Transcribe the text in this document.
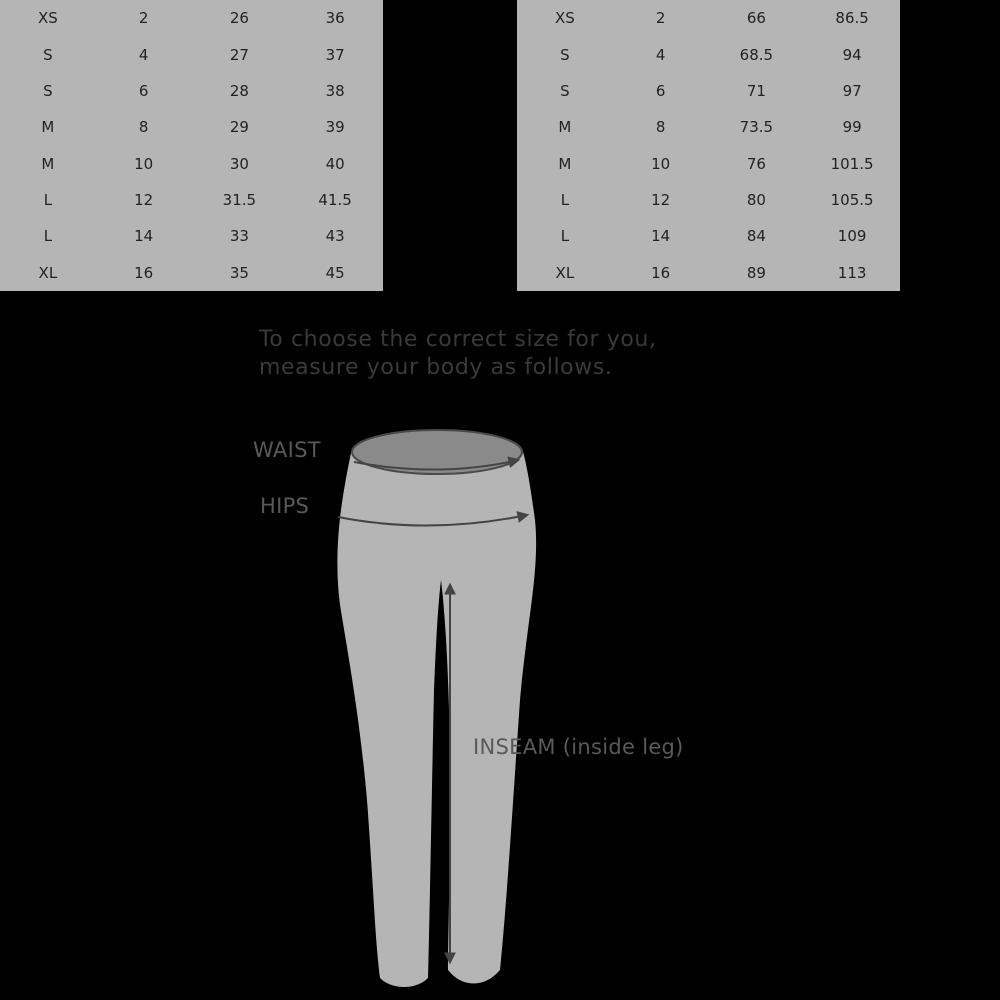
XS	2	26	36
S	4	27	37
S	6	28	38
M	8	29	39
M	10	30	40
L	12	31.5	41.5
L	14	33	43
XL	16	35	45
XS	2	66	86.5
S	4	68.5	94
S	6	71	97
M	8	73.5	99
M	10	76	101.5
L	12	80	105.5
L	14	84	109
XL	16	89	113
To choose the correct size for you,
measure your body as follows.
WAIST
HIPS
INSEAM (inside leg)
